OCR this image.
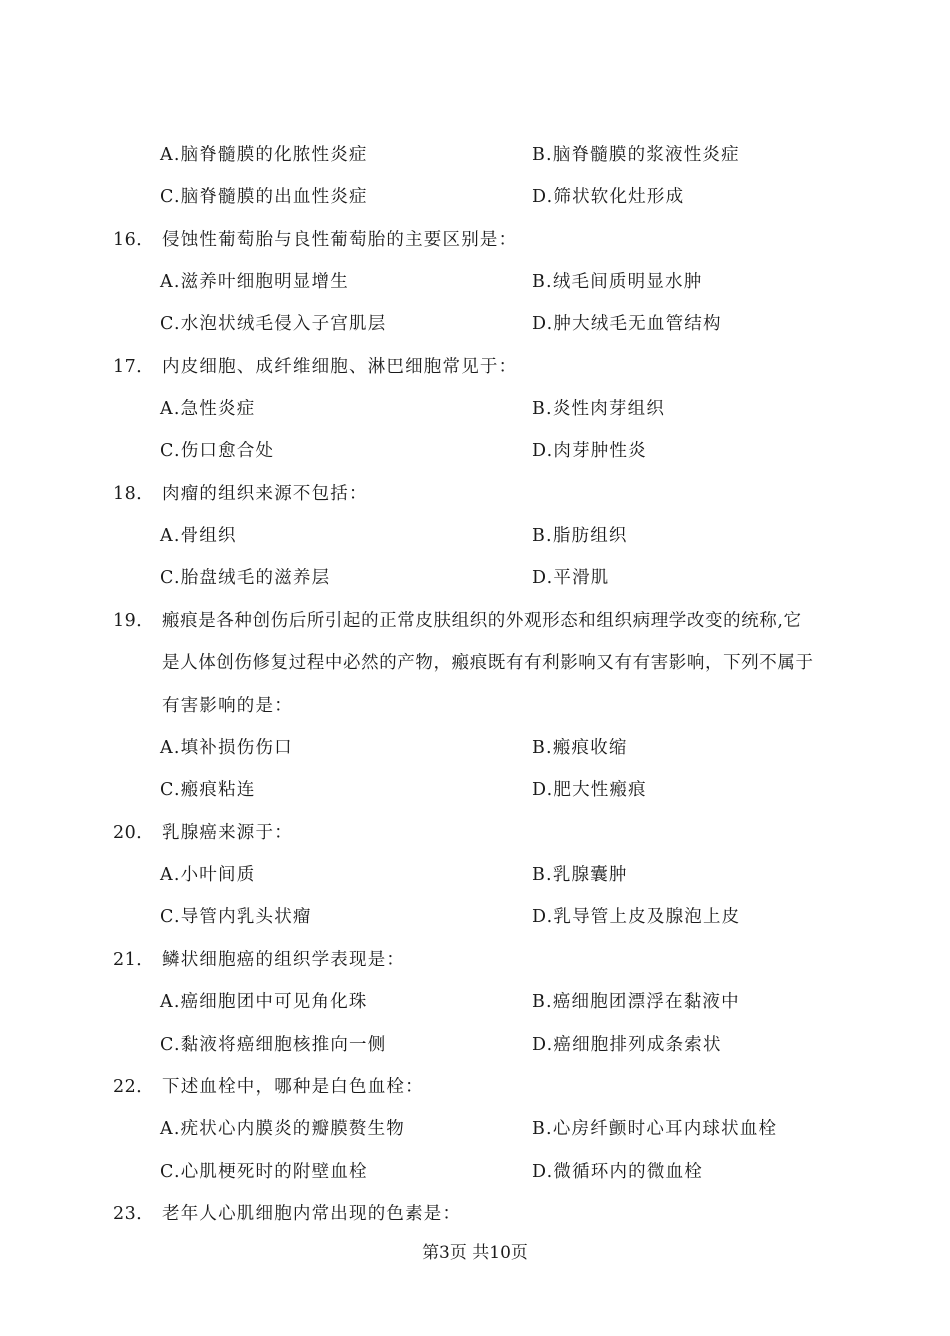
A.脑脊髓膜的化脓性炎症	B.脑脊髓膜的浆液性炎症
C.脑脊髓膜的出血性炎症	D.筛状软化灶形成
16． 侵蚀性葡萄胎与良性葡萄胎的主要区别是：
A.滋养叶细胞明显增生	B.绒毛间质明显水肿
C.水泡状绒毛侵入子宫肌层	D.肿大绒毛无血管结构
17． 内皮细胞、成纤维细胞、淋巴细胞常见于：
A.急性炎症	B.炎性肉芽组织
C.伤口愈合处	D.肉芽肿性炎
18． 肉瘤的组织来源不包括：
A.骨组织	B.脂肪组织
C.胎盘绒毛的滋养层	D.平滑肌
19． 瘢痕是各种创伤后所引起的正常皮肤组织的外观形态和组织病理学改变的统称,它
是人体创伤修复过程中必然的产物，瘢痕既有有利影响又有有害影响，下列不属于
有害影响的是：
A.填补损伤伤口	B.瘢痕收缩
C.瘢痕粘连	D.肥大性瘢痕
20． 乳腺癌来源于：
A.小叶间质	B.乳腺囊肿
C.导管内乳头状瘤	D.乳导管上皮及腺泡上皮
21． 鳞状细胞癌的组织学表现是：
A.癌细胞团中可见角化珠	B.癌细胞团漂浮在黏液中
C.黏液将癌细胞核推向一侧	D.癌细胞排列成条索状
22． 下述血栓中，哪种是白色血栓：
A.疣状心内膜炎的瓣膜赘生物	B.心房纤颤时心耳内球状血栓
C.心肌梗死时的附壁血栓	D.微循环内的微血栓
23． 老年人心肌细胞内常出现的色素是：
第3页 共10页
